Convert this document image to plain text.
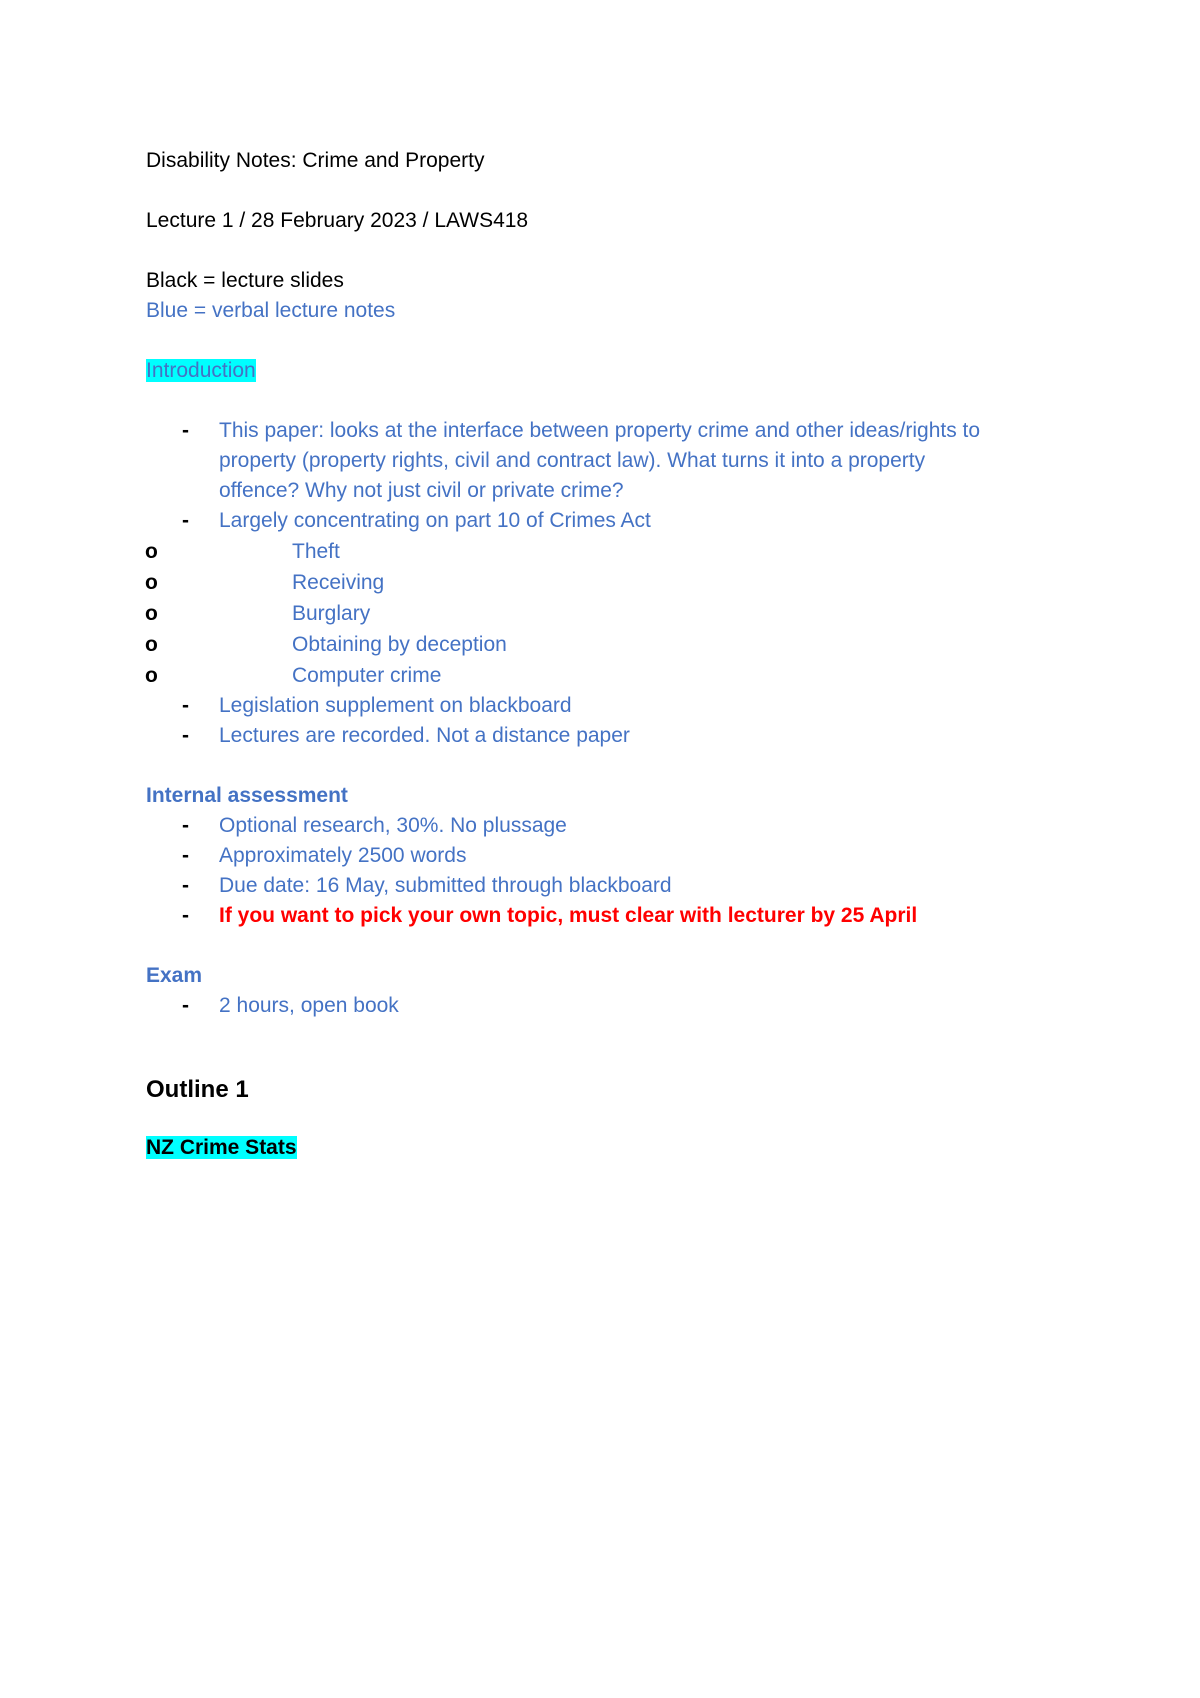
Disability Notes: Crime and Property

Lecture 1 / 28 February 2023 / LAWS418

Black = lecture slides

Blue = verbal lecture notes

Introduction

- This paper: looks at the interface between property crime and other ideas/rights to property (property rights, civil and contract law). What turns it into a property offence? Why not just civil or private crime?
- Largely concentrating on part 10 of Crimes Act
o	Theft
o	Receiving
o	Burglary
o	Obtaining by deception
o	Computer crime
- Legislation supplement on blackboard
- Lectures are recorded. Not a distance paper

Internal assessment

- Optional research, 30%. No plussage
- Approximately 2500 words
- Due date: 16 May, submitted through blackboard
- If you want to pick your own topic, must clear with lecturer by 25 April

Exam

- 2 hours, open book

Outline 1

NZ Crime Stats
